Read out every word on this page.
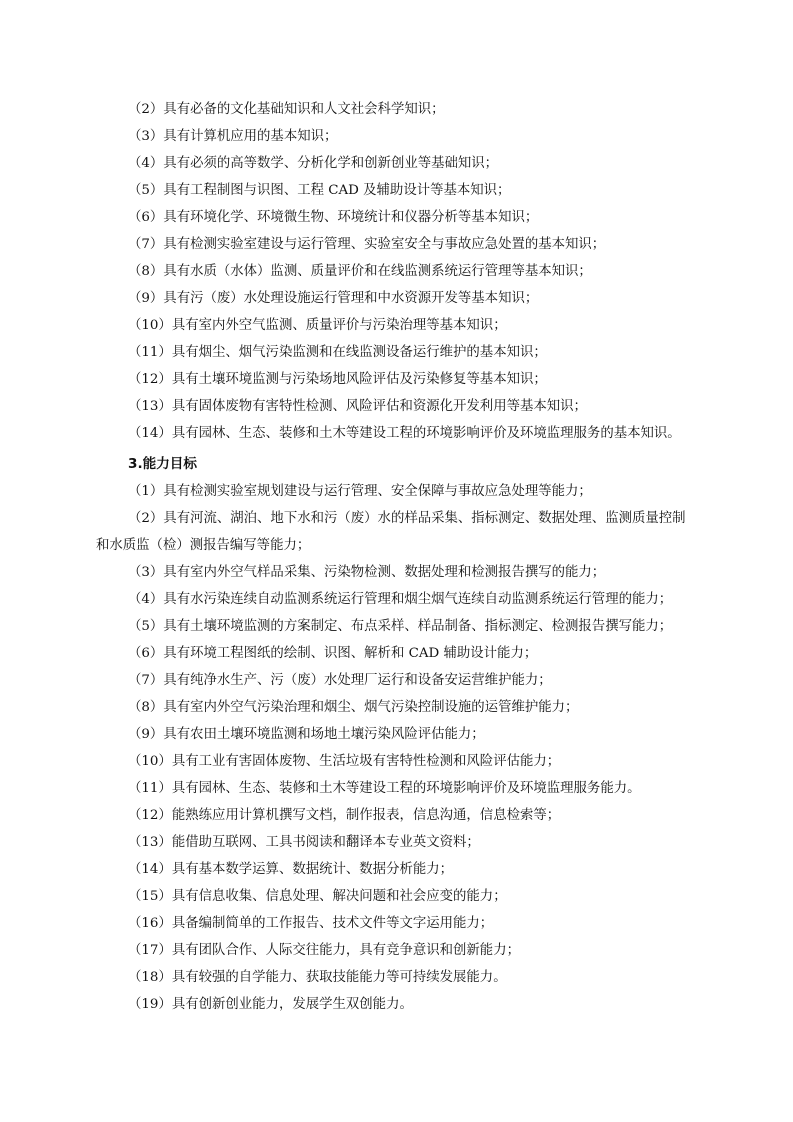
（2）具有必备的文化基础知识和人文社会科学知识；
（3）具有计算机应用的基本知识；
（4）具有必须的高等数学、分析化学和创新创业等基础知识；
（5）具有工程制图与识图、工程 CAD 及辅助设计等基本知识；
（6）具有环境化学、环境微生物、环境统计和仪器分析等基本知识；
（7）具有检测实验室建设与运行管理、实验室安全与事故应急处置的基本知识；
（8）具有水质（水体）监测、质量评价和在线监测系统运行管理等基本知识；
（9）具有污（废）水处理设施运行管理和中水资源开发等基本知识；
（10）具有室内外空气监测、质量评价与污染治理等基本知识；
（11）具有烟尘、烟气污染监测和在线监测设备运行维护的基本知识；
（12）具有土壤环境监测与污染场地风险评估及污染修复等基本知识；
（13）具有固体废物有害特性检测、风险评估和资源化开发利用等基本知识；
（14）具有园林、生态、装修和土木等建设工程的环境影响评价及环境监理服务的基本知识。
3.能力目标
（1）具有检测实验室规划建设与运行管理、安全保障与事故应急处理等能力；
（2）具有河流、湖泊、地下水和污（废）水的样品采集、指标测定、数据处理、监测质量控制
和水质监（检）测报告编写等能力；
（3）具有室内外空气样品采集、污染物检测、数据处理和检测报告撰写的能力；
（4）具有水污染连续自动监测系统运行管理和烟尘烟气连续自动监测系统运行管理的能力；
（5）具有土壤环境监测的方案制定、布点采样、样品制备、指标测定、检测报告撰写能力；
（6）具有环境工程图纸的绘制、识图、解析和 CAD 辅助设计能力；
（7）具有纯净水生产、污（废）水处理厂运行和设备安运营维护能力；
（8）具有室内外空气污染治理和烟尘、烟气污染控制设施的运管维护能力；
（9）具有农田土壤环境监测和场地土壤污染风险评估能力；
（10）具有工业有害固体废物、生活垃圾有害特性检测和风险评估能力；
（11）具有园林、生态、装修和土木等建设工程的环境影响评价及环境监理服务能力。
（12）能熟练应用计算机撰写文档，制作报表，信息沟通，信息检索等；
（13）能借助互联网、工具书阅读和翻译本专业英文资料；
（14）具有基本数学运算、数据统计、数据分析能力；
（15）具有信息收集、信息处理、解决问题和社会应变的能力；
（16）具备编制简单的工作报告、技术文件等文字运用能力；
（17）具有团队合作、人际交往能力，具有竞争意识和创新能力；
（18）具有较强的自学能力、获取技能能力等可持续发展能力。
（19）具有创新创业能力，发展学生双创能力。
